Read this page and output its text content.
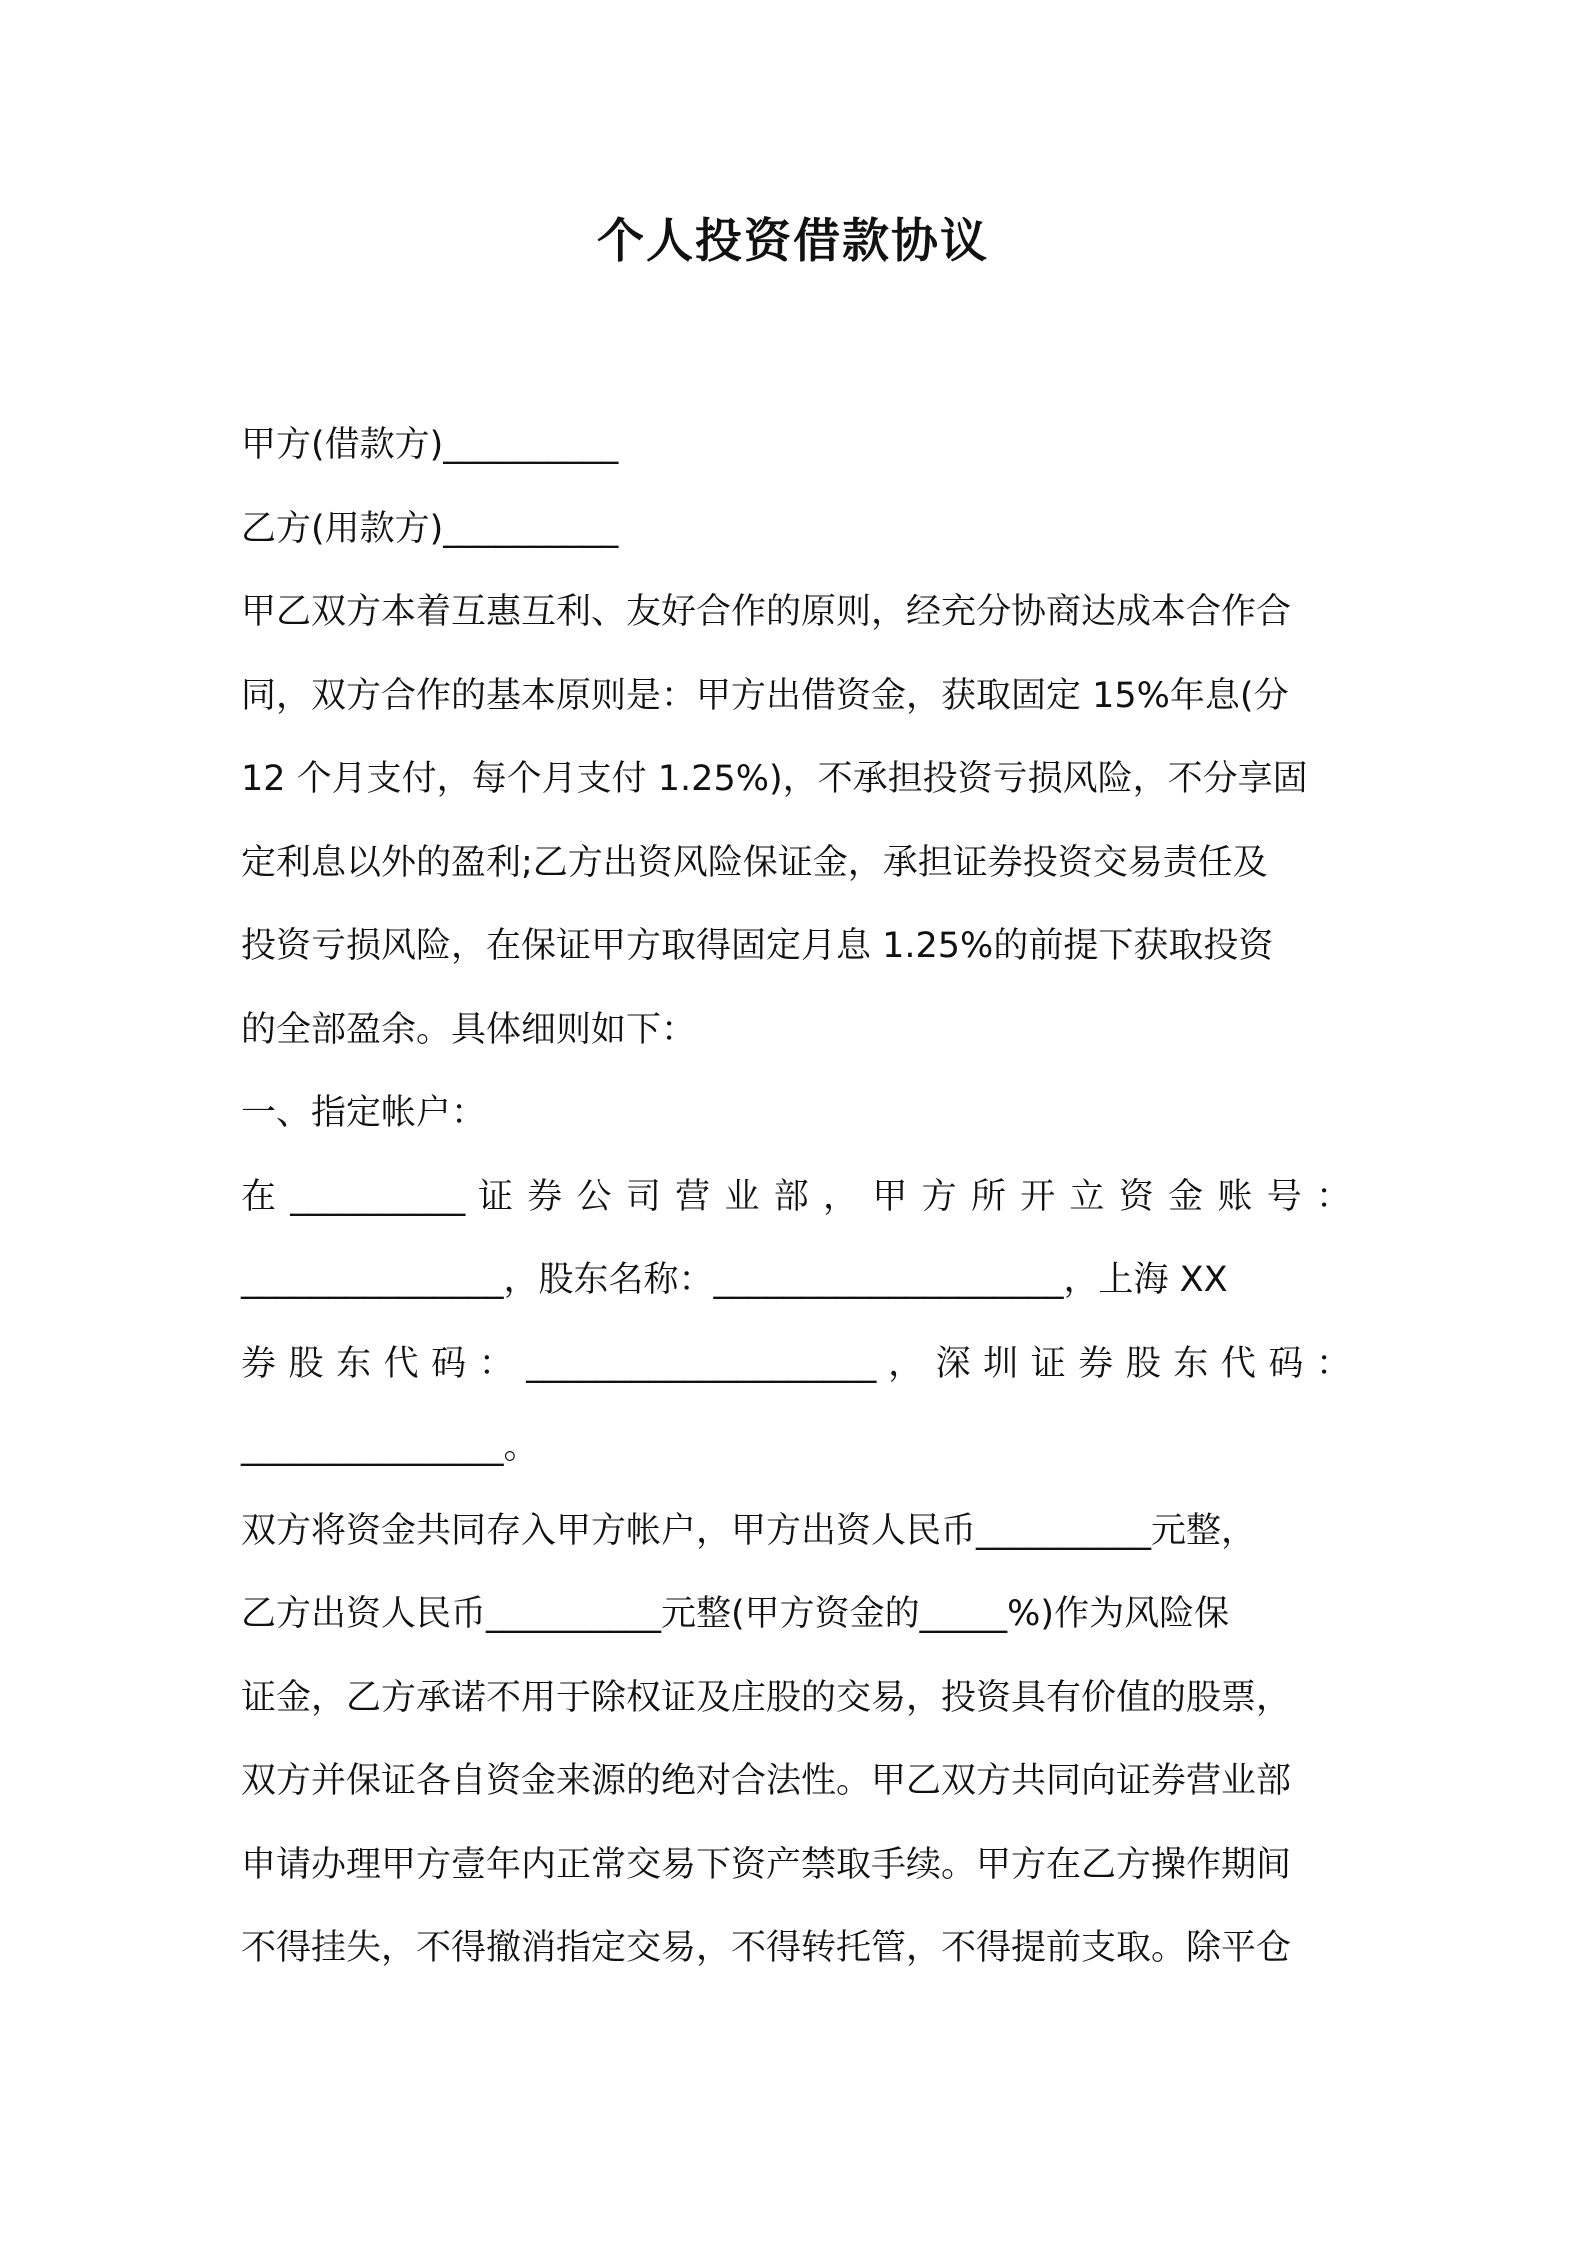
个人投资借款协议
甲方(借款方)__________
乙方(用款方)__________
甲乙双方本着互惠互利、友好合作的原则，经充分协商达成本合作合
同，双方合作的基本原则是：甲方出借资金，获取固定 15%年息(分
12 个月支付，每个月支付 1.25%)，不承担投资亏损风险，不分享固
定利息以外的盈利;乙方出资风险保证金，承担证券投资交易责任及
投资亏损风险，在保证甲方取得固定月息 1.25%的前提下获取投资
的全部盈余。具体细则如下：
一、指定帐户：
在 __________ 证 券 公 司 营 业 部 ， 甲 方 所 开 立 资 金 账 号 ：
_______________，股东名称：____________________，上海 XX
券 股 东 代 码 ： ____________________ ， 深 圳 证 券 股 东 代 码 ：
_______________。
双方将资金共同存入甲方帐户，甲方出资人民币__________元整，
乙方出资人民币__________元整(甲方资金的_____%)作为风险保
证金，乙方承诺不用于除权证及庄股的交易，投资具有价值的股票，
双方并保证各自资金来源的绝对合法性。甲乙双方共同向证券营业部
申请办理甲方壹年内正常交易下资产禁取手续。甲方在乙方操作期间
不得挂失，不得撤消指定交易，不得转托管，不得提前支取。除平仓
